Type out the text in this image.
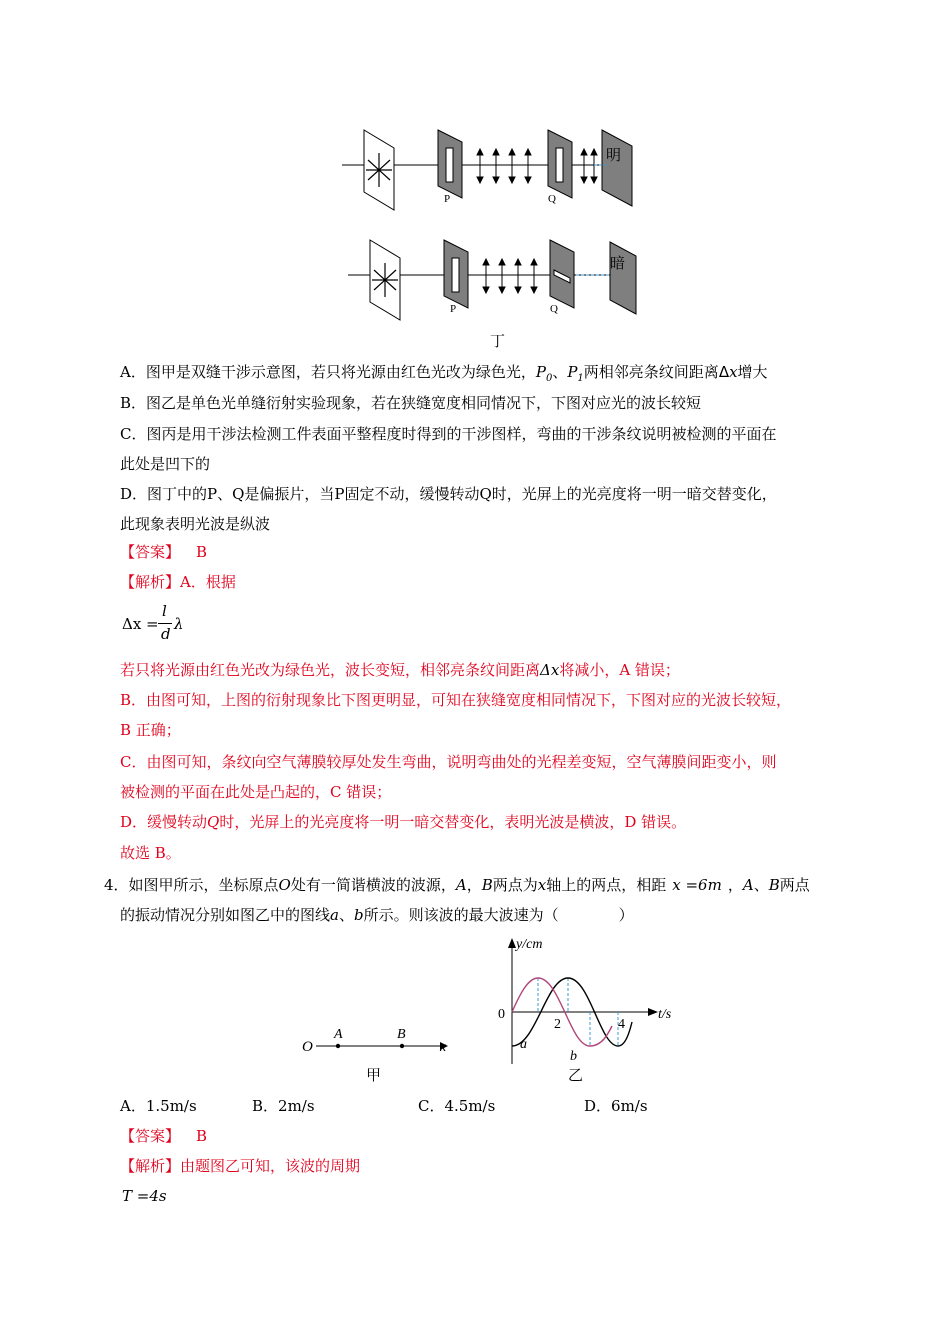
P	Q
明
P	Q
暗
丁
A．图甲是双缝干涉示意图，若只将光源由红色光改为绿色光，$P_0$、$P_1$两相邻亮条纹间距离Δx增大
B．图乙是单色光单缝衍射实验现象，若在狭缝宽度相同情况下，下图对应光的波长较短
C．图丙是用干涉法检测工件表面平整程度时得到的干涉图样，弯曲的干涉条纹说明被检测的平面在
此处是凹下的
D．图丁中的P、Q是偏振片，当P固定不动，缓慢转动Q时，光屏上的光亮度将一明一暗交替变化，
此现象表明光波是纵波
【答案】 B
【解析】A．根据
Δx =
l
d
λ
若只将光源由红色光改为绿色光，波长变短，相邻亮条纹间距离Δx将减小，A 错误；
B．由图可知，上图的衍射现象比下图更明显，可知在狭缝宽度相同情况下，下图对应的光波长较短，
B 正确；
C．由图可知，条纹向空气薄膜较厚处发生弯曲，说明弯曲处的光程差变短，空气薄膜间距变小，则
被检测的平面在此处是凸起的，C 错误；
D．缓慢转动Q时，光屏上的光亮度将一明一暗交替变化，表明光波是横波，D 错误。
故选 B。
4．如图甲所示，坐标原点O处有一简谐横波的波源，A，B两点为x轴上的两点，相距 x =6m ，A、B两点
的振动情况分别如图乙中的图线a、b所示。则该波的最大波速为（　　　　	）
O
A	B
x
甲
y/cm
t/s
0
2	4
a
b
乙
A．1.5m/s	B．2m/s	C．4.5m/s	D．6m/s
【答案】 B
【解析】由题图乙可知，该波的周期
T =4s
